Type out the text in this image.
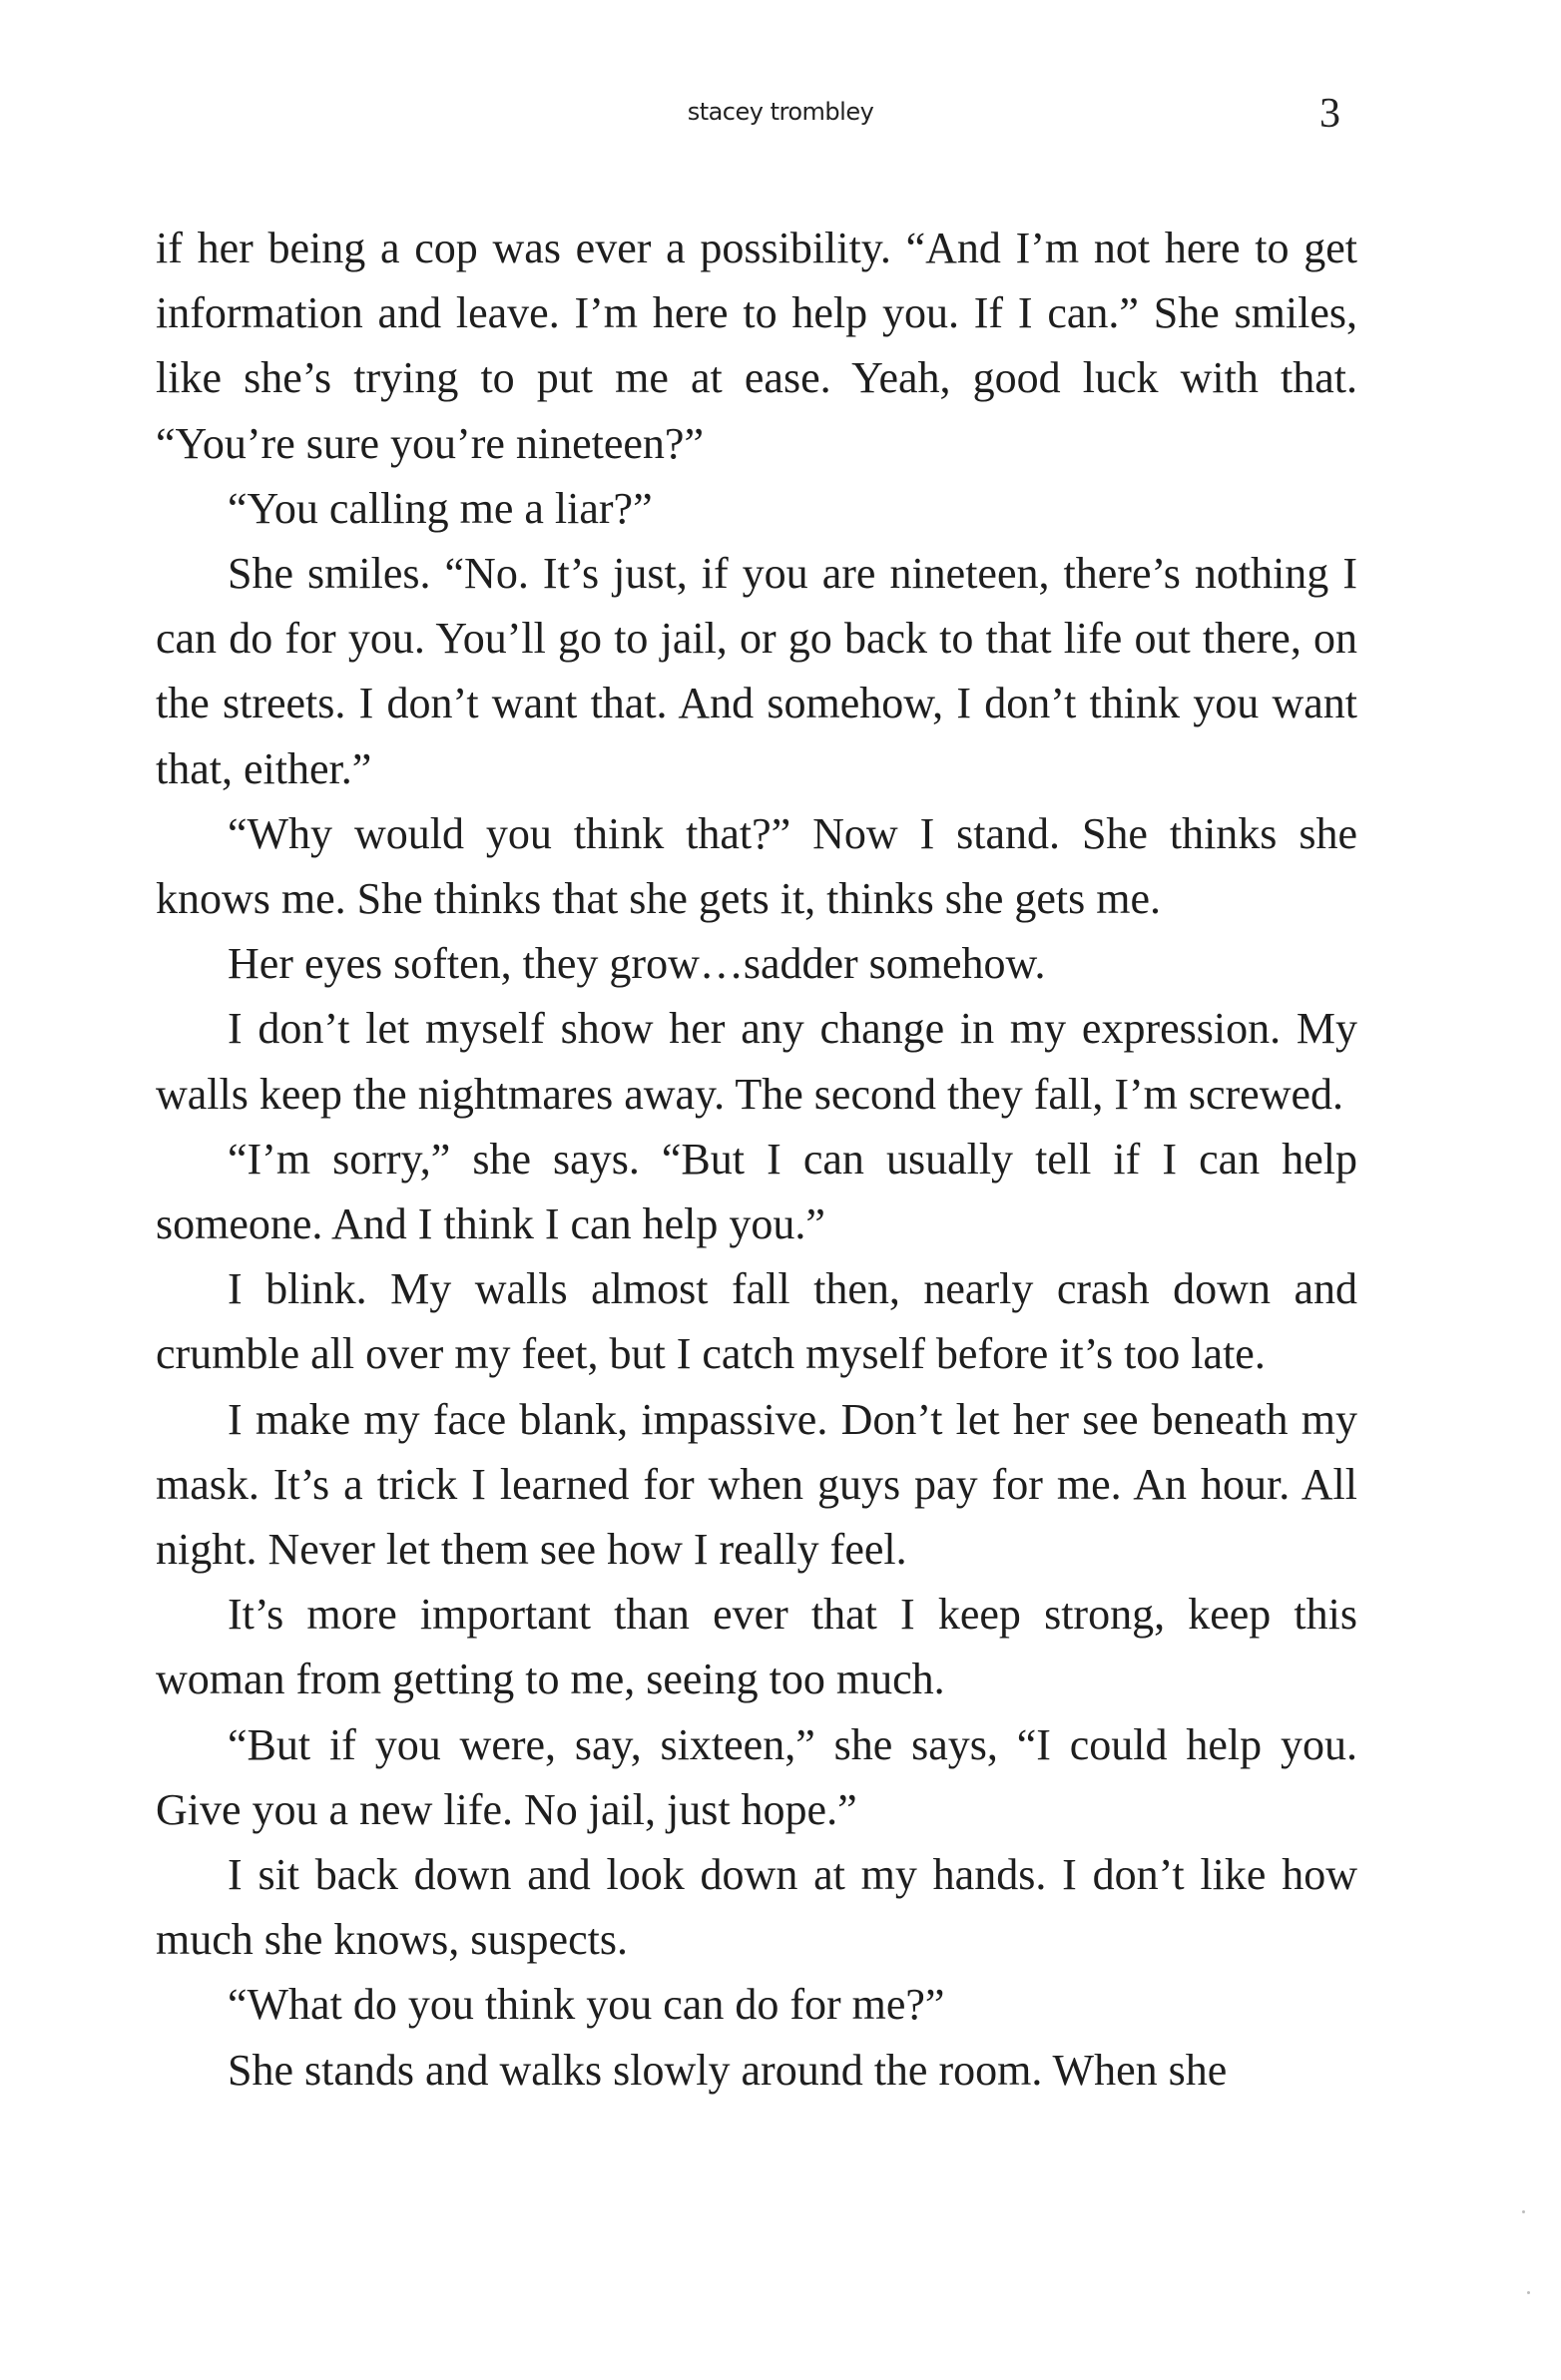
stacey trombley	3

if her being a cop was ever a possibility. “And I’m not here to get information and leave. I’m here to help you. If I can.” She smiles, like she’s trying to put me at ease. Yeah, good luck with that. “You’re sure you’re nineteen?”

“You calling me a liar?”

She smiles. “No. It’s just, if you are nineteen, there’s nothing I can do for you. You’ll go to jail, or go back to that life out there, on the streets. I don’t want that. And somehow, I don’t think you want that, either.”

“Why would you think that?” Now I stand. She thinks she knows me. She thinks that she gets it, thinks she gets me.

Her eyes soften, they grow…sadder somehow.

I don’t let myself show her any change in my expression. My walls keep the nightmares away. The second they fall, I’m screwed.

“I’m sorry,” she says. “But I can usually tell if I can help someone. And I think I can help you.”

I blink. My walls almost fall then, nearly crash down and crumble all over my feet, but I catch myself before it’s too late.

I make my face blank, impassive. Don’t let her see beneath my mask. It’s a trick I learned for when guys pay for me. An hour. All night. Never let them see how I really feel.

It’s more important than ever that I keep strong, keep this woman from getting to me, seeing too much.

“But if you were, say, sixteen,” she says, “I could help you. Give you a new life. No jail, just hope.”

I sit back down and look down at my hands. I don’t like how much she knows, suspects.

“What do you think you can do for me?”

She stands and walks slowly around the room. When she
